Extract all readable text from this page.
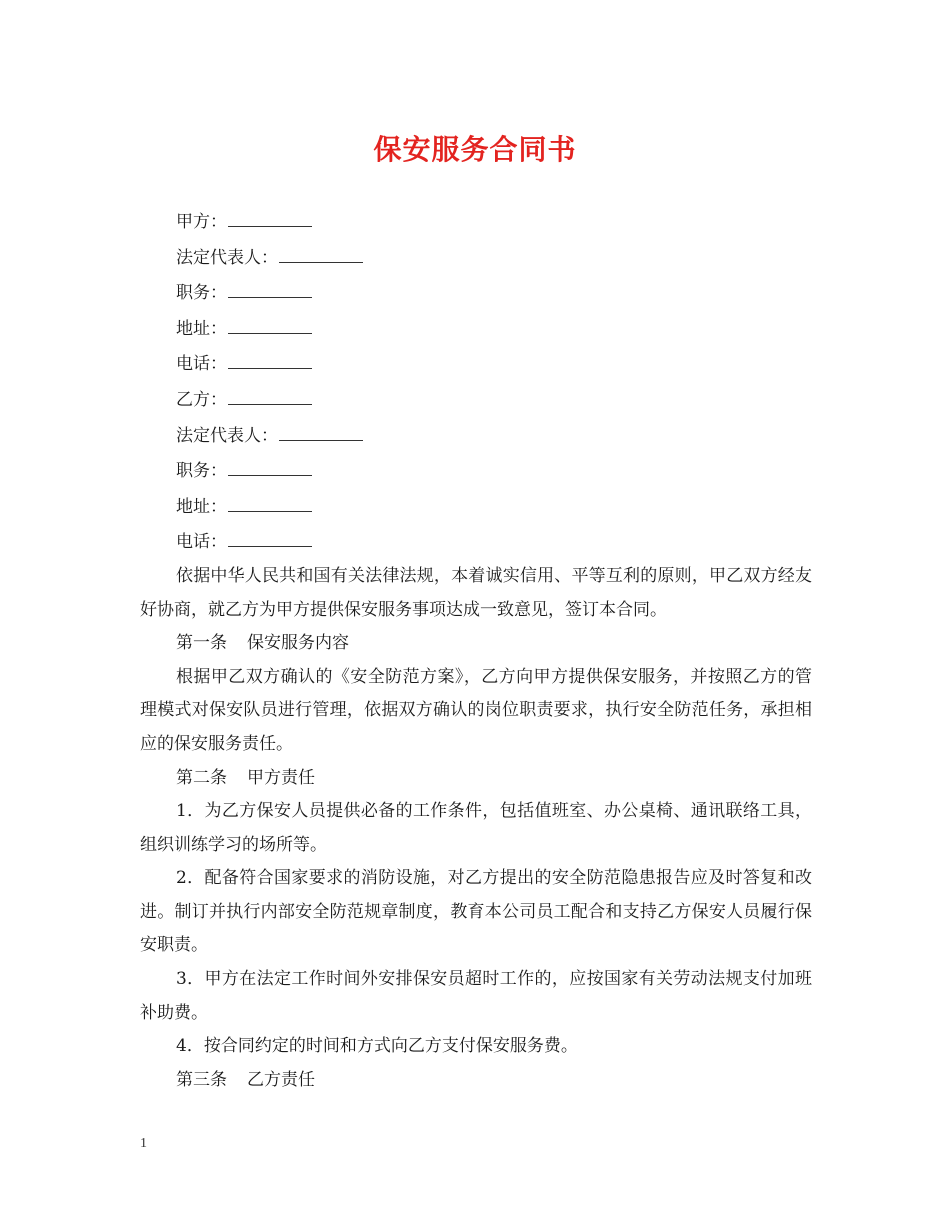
保安服务合同书

甲方：

法定代表人：

职务：

地址：

电话：

乙方：

法定代表人：

职务：

地址：

电话：

依据中华人民共和国有关法律法规，本着诚实信用、平等互利的原则，甲乙双方经友好协商，就乙方为甲方提供保安服务事项达成一致意见，签订本合同。

第一条 保安服务内容

根据甲乙双方确认的《安全防范方案》，乙方向甲方提供保安服务，并按照乙方的管理模式对保安队员进行管理，依据双方确认的岗位职责要求，执行安全防范任务，承担相应的保安服务责任。

第二条 甲方责任

1．为乙方保安人员提供必备的工作条件，包括值班室、办公桌椅、通讯联络工具，组织训练学习的场所等。

2．配备符合国家要求的消防设施，对乙方提出的安全防范隐患报告应及时答复和改进。制订并执行内部安全防范规章制度，教育本公司员工配合和支持乙方保安人员履行保安职责。

3．甲方在法定工作时间外安排保安员超时工作的，应按国家有关劳动法规支付加班补助费。

4．按合同约定的时间和方式向乙方支付保安服务费。

第三条 乙方责任

1
